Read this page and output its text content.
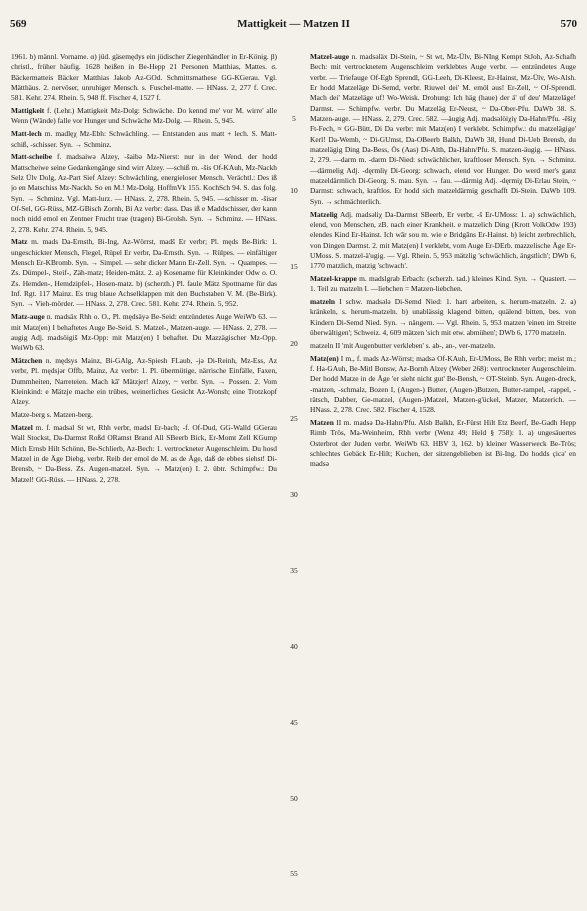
569	Mattigkeit — Matzen II	570

1961. b) männl. Vorname. α) jüd. gäsemędys ein jüdischer Ziegenhändler in Er-König. β) christl., früher häufig. 1628 heißen in Be-Hepp 21 Personen Matthias, Mattes. ϭ. Bäckermatteis Bäcker Matthias Jakob Az-GOd. Schmittsmathese GG-KGerau. Vgl. Mätthäus. 2. nervöser, unruhiger Mensch. s. Fuschel-matte. — HNass. 2, 277 f. Crec. 581. Kehr. 274. Rhein. 5, 948 ff. Fischer 4, 1527 f.

Mattigkeit f. (Lehr.) Mattigkeit Mz-Dolg: Schwäche. Do kennd me' vor M. wirre' alle Wenn (Wände) falle vor Hunger und Schwäche Mz-Dolg. — Rhein. 5, 945.

Matt-lech m. madlęχ Mz-Ebh: Schwächling. — Entstanden aus matt + lech. S. Matt-schiß, -schisser. Syn. → Schminz.

Matt-scheibe f. madsaiwə Alzey, -šaibə Mz-Nierst: nur in der Wend. der hodd Mattscheiwe seine Gedankengänge sind wirr Alzey. —schiß m. -šis Of-KAuh, Mz-Nackh Selz Ülv Dolg, Az-Part Sief Alzey: Schwächling, energieloser Mensch. Verächtl.: Des iß jo en Matschiss Mz-Nackh. So en M.! Mz-Dolg. HoffmVk 155. KochSch 94. S. das folg. Syn. → Schminz. Vgl. Matt-lurz. — HNass. 2, 278. Rhein. 5, 945. —schisser m. -šisər Of-Sel, GG-Rüss, MZ-GBisch Zornh, Bi Az verbr: dass. Das iß e Maddschisser, der kann noch nidd emol en Zentner Frucht trae (tragen) Bi-Grolsh. Syn. → Schminz. — HNass. 2, 278. Kehr. 274. Rhein. 5, 945.

Matz m. mads Da-Ernsth, Bi-Ing, Az-Wörrst, madš Er verbr; Pl. męds Be-Birk: 1. ungeschickter Mensch, Flegel, Rüpel Er verbr, Da-Ernsth. Syn. → Rülpes. — einfältiger Mensch Er-KBromb. Syn. → Simpel. — sehr dicker Mann Er-Zell. Syn. → Quampes. — Zs. Dümpel-, Steif-, Zäh-matz; Heiden-mätz. 2. a) Kosename für Kleinkinder Odw o. O. Zs. Hemden-, Hemdzipfel-, Hosen-matz. b) (scherzh.) Pl. faule Mätz Spottname für das Inf. Rgt. 117 Mainz. Es trug blaue Achselklappen mit den Buchstaben V. M. (Be-Birk). Syn. → Vieh-mörder. — HNass. 2, 278. Crec. 581. Kehr. 274. Rhein. 5, 952.

Matz-auge n. madsäx Rhh o. O., Pl. mędsäyə Be-Seid: entzündetes Auge WeiWb 63. — mit Matz(en) I behaftetes Auge Be-Seid. S. Matzel-, Matzen-auge. — HNass. 2, 278. —augig Adj. madsöigiš Mz-Opp: mit Matz(en) I behaftet. Du Mazzägischer Mz-Opp. WeiWb 63.

Mätzchen n. mędsys Mainz, Bi-GAlg, Az-Spiesh FLaub, -jə Di-Reinh, Mz-Ess, Az verbr, Pl. mędsjər Offb, Mainz, Az verbr: 1. Pl. übermütige, närrische Einfälle, Faxen, Dummheiten, Narreteien. Mach kā' Mätzjer! Alzey, ~ verbr. Syn. → Possen. 2. Vom Kleinkind: e Mätzje mache ein trübes, weinerliches Gesicht Az-Wonsh; eine Trotzkopf Alzey.

Matze-berg s. Matzen-berg.

Matzel m. f. madsəl St wt, Rhh verbr, madsl Er-bach; -f. Of-Dud, GG-Walld GGerau Wall Stockst, Da-Darmst Roßd ORamst Brand All SBeerb Bick, Er-Momt Zell KGump Mich Ernsb Hilt Schönn, Be-Schlierb, Az-Bech: 1. vertrockneter Augenschleim. Du hosd Matzel in de Äge Diebg, verbr. Reib der emol de M. as de Äge, daß de ebbes siehst! Di-Brensb, ~ Da-Bess. Zs. Augen-matzel. Syn. → Matz(en) I. 2. übtr. Schimpfw.: Du Matzel! GG-Rüss. — HNass. 2, 278.

5
10
15
20
25
30
35
40
45
50
55

Matzel-auge n. madsəläx Di-Stein, ~ St wt, Mz-Ülv, Bi-NIng Kempt StJoh, Az-Schafh Bech: mit vertrocknetem Augenschleim verklebtes Auge verbr. — entzündetes Auge verbr. — Triefauge Of-Egb Sprendl, GG-Leeh, Di-Kleest, Er-Hainst, Mz-Ülv, Wo-Alsh. Er hodd Matzeläge Di-Semd, verbr. Riuwel dei' M. emöl aus! Er-Zell, ~ Of-Sprendl. Mach dei' Matzeläge uf! Wo-Weisk. Drohung: Ich häg (haue) der ä' uf deu' Matzeläge! Darmst. — Schimpfw. verbr. Du Matzeläg Er-Neust, ~ Da-Ober-Pfu. DaWb 38. S. Matzen-auge. — HNass. 2, 279. Crec. 582. —äugig Adj. madsəlöiχiγ Da-Hahn/Pfu. -ēšiχ Ft-Fech, ≈ GG-Bütt, Di Da verbr: mit Matz(en) I verklebt. Schimpfw.: du matzelägige' Kerl! Da-Wemb, ~ Di-GUmst, Da-OBeerb Balkh, DaWb 38, Hund Di-Ueb Brensb, du matzelägig Ding Da-Bess, Ös (Aas) Di-Alth, Da-Hahn/Pfu. S. matzen-äugig. — HNass. 2, 279. —darm m. -darm Di-Nied: schwächlicher, kraftloser Mensch. Syn. → Schminz. —därmelig Adj. -dęrmliγ Di-Georg: schwach, elend vor Hunger. Do werd mer's ganz matzeldärmlich Di-Georg. S. mau. Syn. → fau. —därmig Adj. -dęrmiχ Di-Erlau Stein, ~ Darmst: schwach, kraftlos. Er hodd sich matzeldärmig geschafft Di-Stein. DaWb 109. Syn. → schmächterlich.

Matzelig Adj. madsəliχ Da-Darmst SBeerb, Er verbr, -š Er-UMoss: 1. a) schwächlich, elend, von Menschen, zB. nach einer Krankheit. e matzelich Ding (Krott VolkOdw 193) elendes Kind Er-Hainst. Ich wār sou m. wie e Bridgāns Er-Hainst. b) leicht zerbrechlich, von Dingen Darmst. 2. mit Matz(en) I verklebt, vom Auge Er-DErb. mazzelische Äge Er-UMoss. S. matzel-ä'ugig. — Vgl. Rhein. 5, 953 mätzlig 'schwächlich, ängstlich'; DWb 6, 1770 matzlich, matzig 'schwach'.

Matzel-krappe m. madslgrab Erbach: (scherzh. tad.) kleines Kind. Syn. → Quastert. — 1. Teil zu matzeln I. —liebchen = Matzen-liebchen.

matzeln I schw. madsələ Di-Semd Nied: 1. hart arbeiten, s. herum-matzeln. 2. a) kränkeln, s. herum-matzeln. b) unablässig klagend bitten, quälend bitten, bes. von Kindern Di-Semd Nied. Syn. → nängern. — Vgl. Rhein. 5, 953 matzen 'einen im Streite überwältigen'; Schweiz. 4, 609 mätzen 'sich mit etw. abmühen'; DWb 6, 1770 matzeln.

matzeln II 'mit Augenbutter verkleben' s. ab-, an-, ver-matzeln.

Matz(en) I m., f. mads Az-Wörrst; madsə Of-KAuh, Er-UMoss, Be Rhh verbr; meist m.; f. Ha-GAuh, Be-Mitl Bonsw, Az-Bornh Alzey (Weber 268): vertrockneter Augenschleim. Der hodd Matze in de Äge 'er sieht nicht gut' Be-Bensh, ~ OT-Steinb. Syn. Augen-dreck, -matzen, -schmalz, Bozen I, (Augen-) Butter, (Augen-)Butzen, Butter-rampel, -rappel, -rätsch, Dabber, Ge-matzel, (Augen-)Matzel, Matzen-g'ückel, Matzer, Matzerich. — HNass. 2, 278. Crec. 582. Fischer 4, 1528.

Matzen II m. madsə Da-Hahn/Pfu. Alsb Balkh, Er-Fürst Hilt Etz Beerf, Be-Gadh Hepp Rimb Trös, Ma-Weinheim, Rhh verbr (Wenz 49; Held § 758): 1. a) ungesäuertes Osterbrot der Juden verbr. WeiWb 63. HBV 3, 162. b) kleiner Wasserweck Be-Trös; schlechtes Gebäck Er-Hilt; Kuchen, der sitzengeblieben ist Bi-Ing. Do hodds çicə' en madsə
